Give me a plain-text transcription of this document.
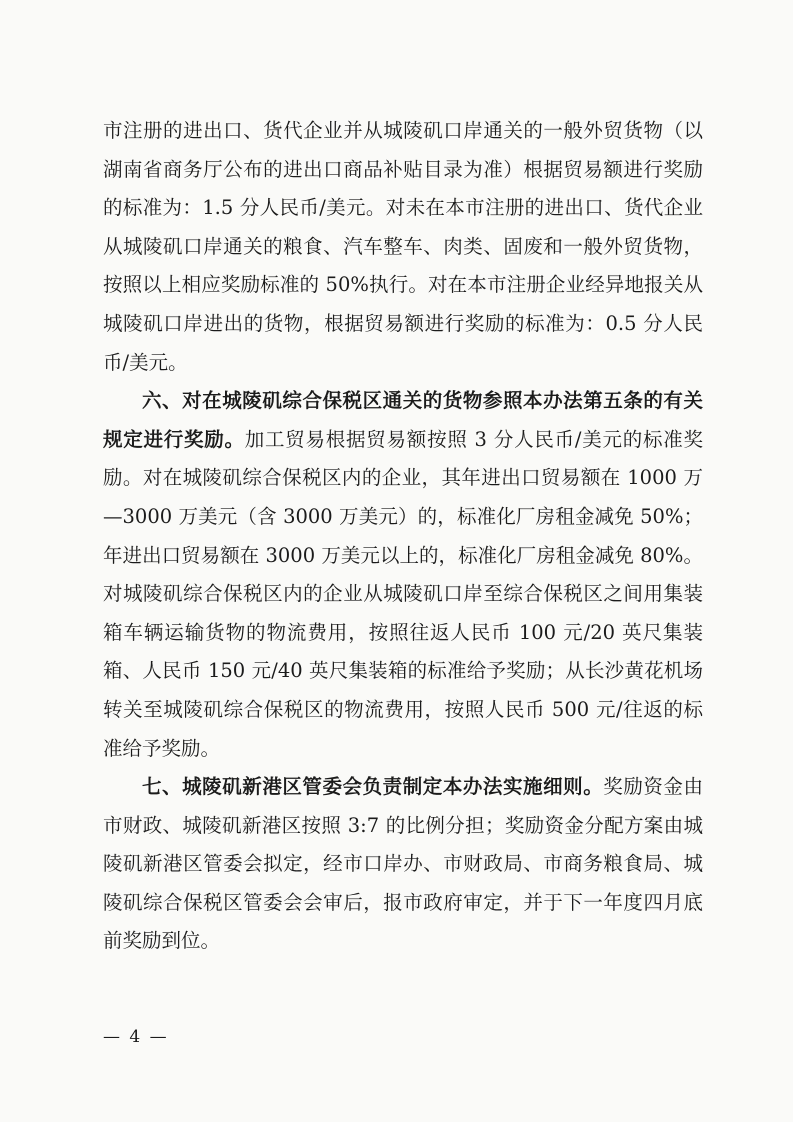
市注册的进出口、货代企业并从城陵矶口岸通关的一般外贸货物（以湖南省商务厅公布的进出口商品补贴目录为准）根据贸易额进行奖励的标准为：1.5 分人民币/美元。对未在本市注册的进出口、货代企业从城陵矶口岸通关的粮食、汽车整车、肉类、固废和一般外贸货物，按照以上相应奖励标准的 50%执行。对在本市注册企业经异地报关从城陵矶口岸进出的货物，根据贸易额进行奖励的标准为：0.5 分人民币/美元。

六、对在城陵矶综合保税区通关的货物参照本办法第五条的有关规定进行奖励。加工贸易根据贸易额按照 3 分人民币/美元的标准奖励。对在城陵矶综合保税区内的企业，其年进出口贸易额在 1000 万—3000 万美元（含 3000 万美元）的，标准化厂房租金减免 50%；年进出口贸易额在 3000 万美元以上的，标准化厂房租金减免 80%。对城陵矶综合保税区内的企业从城陵矶口岸至综合保税区之间用集装箱车辆运输货物的物流费用，按照往返人民币 100 元/20 英尺集装箱、人民币 150 元/40 英尺集装箱的标准给予奖励；从长沙黄花机场转关至城陵矶综合保税区的物流费用，按照人民币 500 元/往返的标准给予奖励。

七、城陵矶新港区管委会负责制定本办法实施细则。奖励资金由市财政、城陵矶新港区按照 3:7 的比例分担；奖励资金分配方案由城陵矶新港区管委会拟定，经市口岸办、市财政局、市商务粮食局、城陵矶综合保税区管委会会审后，报市政府审定，并于下一年度四月底前奖励到位。

— 4 —
